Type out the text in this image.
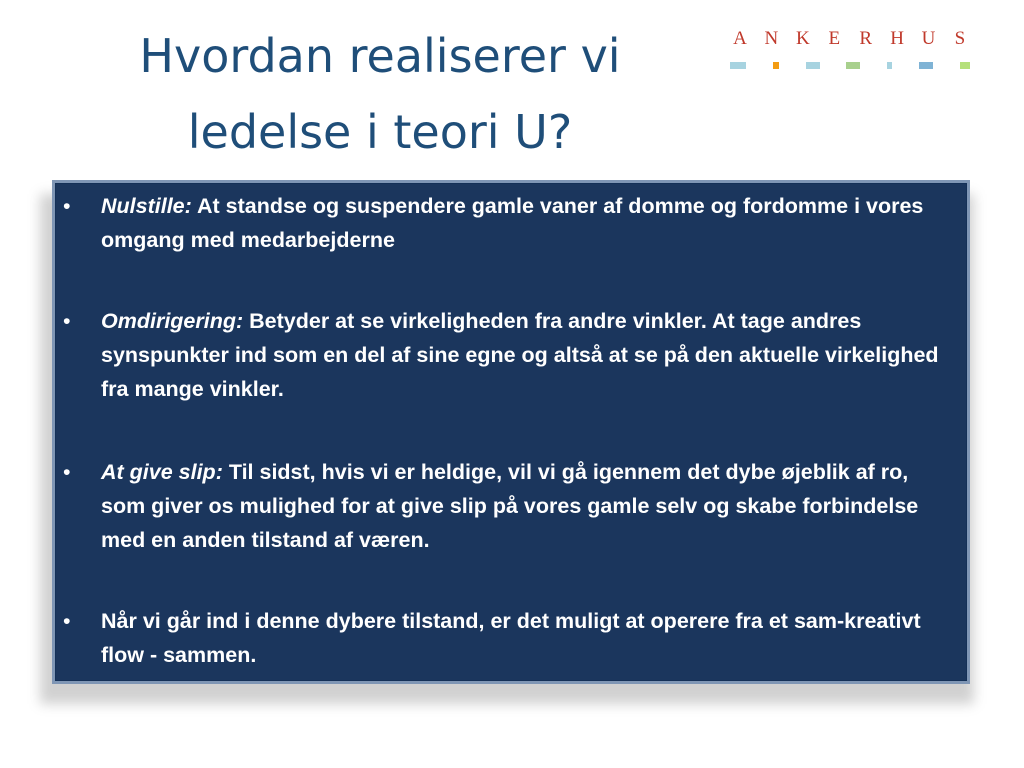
Hvordan realiserer vi
ledelse i teori U?
A N K E R H U S
• Nulstille: At standse og suspendere gamle vaner af domme og fordomme i vores omgang med medarbejderne
• Omdirigering: Betyder at se virkeligheden fra andre vinkler. At tage andres synspunkter ind som en del af sine egne og altså at se på den aktuelle virkelighed fra mange vinkler.
• At give slip: Til sidst, hvis vi er heldige, vil vi gå igennem det dybe øjeblik af ro, som giver os mulighed for at give slip på vores gamle selv og skabe forbindelse med en anden tilstand af væren.
• Når vi går ind i denne dybere tilstand, er det muligt at operere fra et sam-kreativt flow - sammen.
